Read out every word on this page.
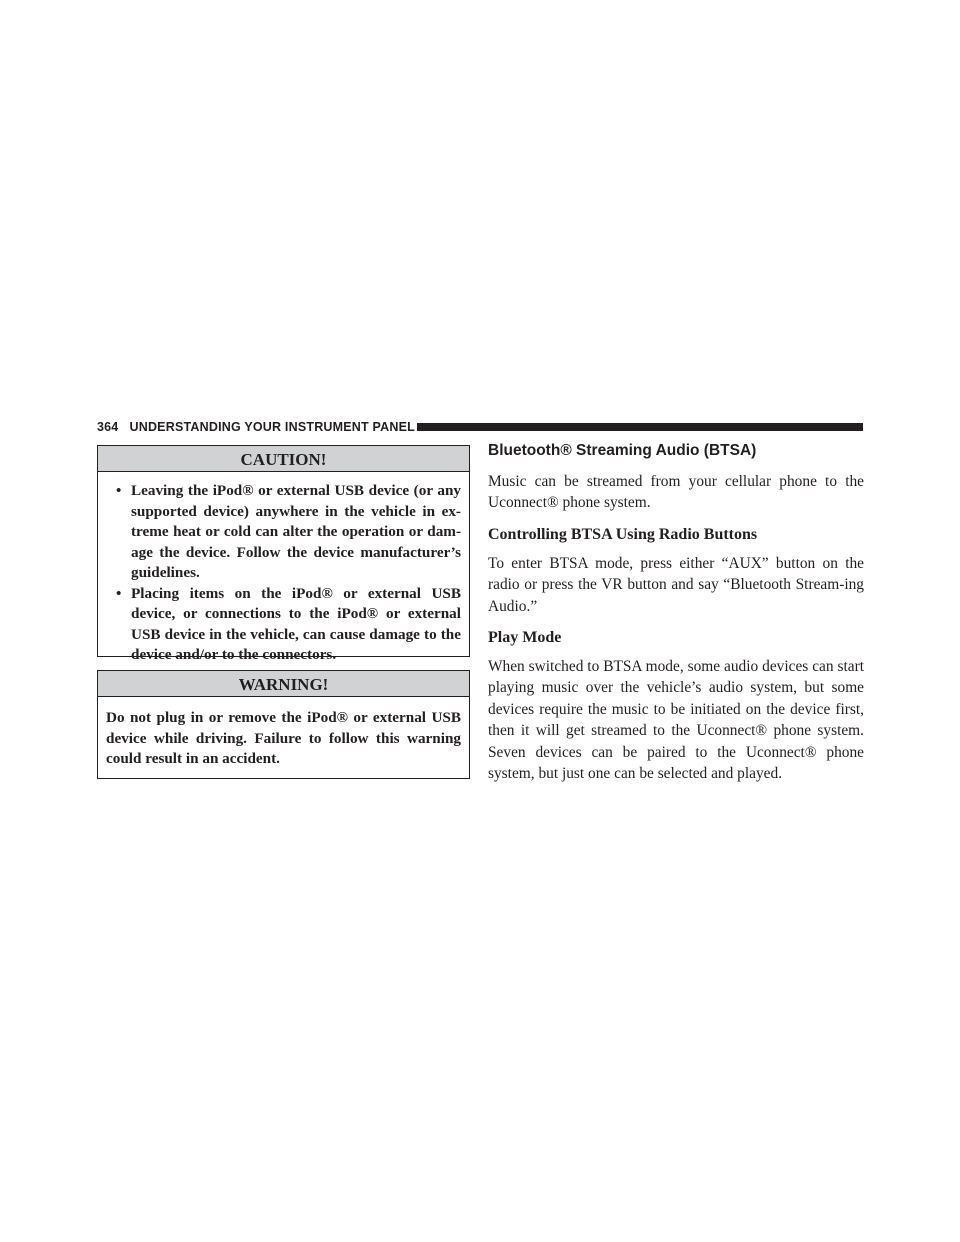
364 UNDERSTANDING YOUR INSTRUMENT PANEL
CAUTION!
• Leaving the iPod® or external USB device (or any supported device) anywhere in the vehicle in ex-treme heat or cold can alter the operation or dam-age the device. Follow the device manufacturer’s guidelines.
• Placing items on the iPod® or external USB device, or connections to the iPod® or external USB device in the vehicle, can cause damage to the device and/or to the connectors.
WARNING!
Do not plug in or remove the iPod® or external USB device while driving. Failure to follow this warning could result in an accident.
Bluetooth® Streaming Audio (BTSA)

Music can be streamed from your cellular phone to the Uconnect® phone system.

Controlling BTSA Using Radio Buttons

To enter BTSA mode, press either “AUX” button on the radio or press the VR button and say “Bluetooth Stream-ing Audio.”

Play Mode

When switched to BTSA mode, some audio devices can start playing music over the vehicle’s audio system, but some devices require the music to be initiated on the device first, then it will get streamed to the Uconnect® phone system. Seven devices can be paired to the Uconnect® phone system, but just one can be selected and played.
